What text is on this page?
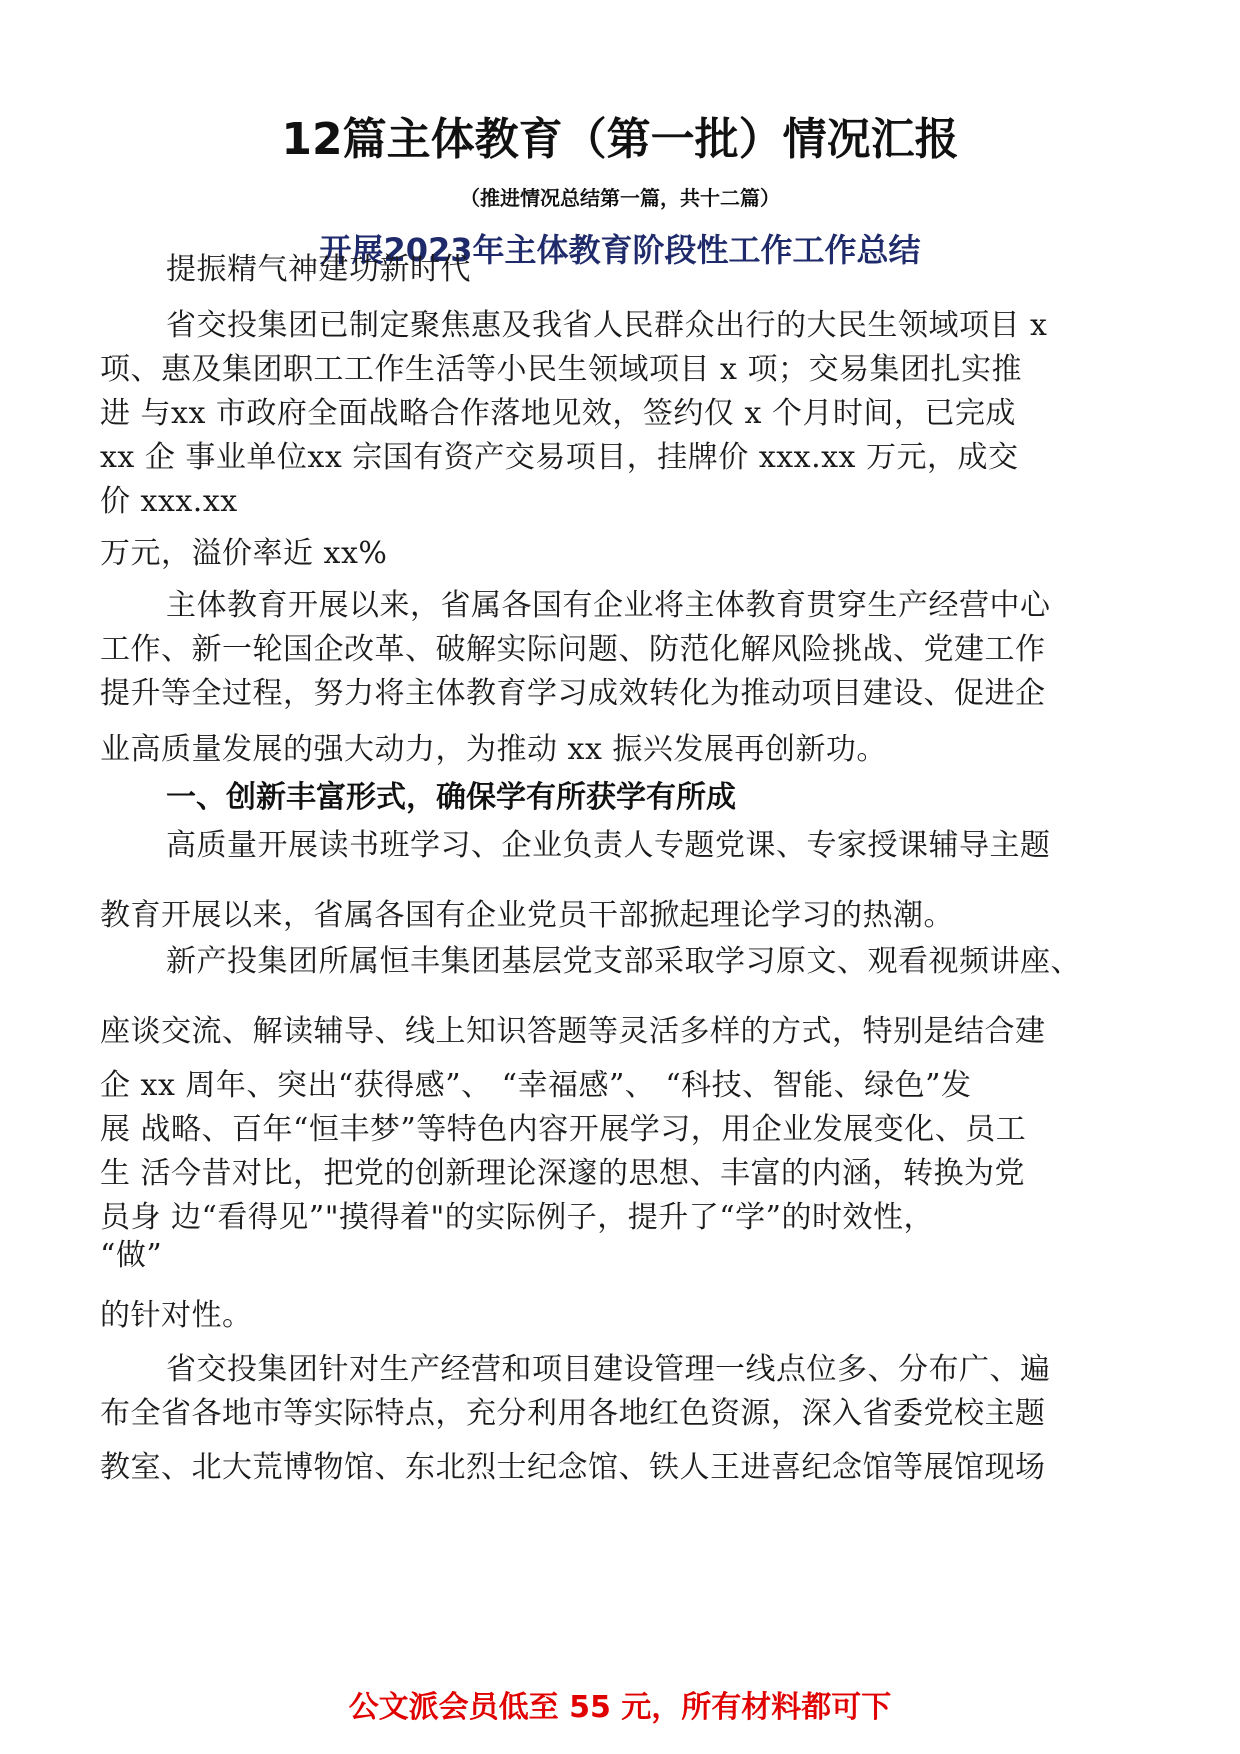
12篇主体教育（第一批）情况汇报
（推进情况总结第一篇，共十二篇）
开展2023年主体教育阶段性工作工作总结
提振精气神建功新时代
省交投集团已制定聚焦惠及我省人民群众出行的大民生领域项目 x
项、惠及集团职工工作生活等小民生领域项目 x 项；交易集团扎实推
进 与xx 市政府全面战略合作落地见效，签约仅 x 个月时间，已完成
xx 企 事业单位xx 宗国有资产交易项目，挂牌价 xxx.xx 万元，成交
价 xxx.xx
万元，溢价率近 xx%
主体教育开展以来，省属各国有企业将主体教育贯穿生产经营中心
工作、新一轮国企改革、破解实际问题、防范化解风险挑战、党建工作
提升等全过程，努力将主体教育学习成效转化为推动项目建设、促进企
业高质量发展的强大动力，为推动 xx 振兴发展再创新功。
一、创新丰富形式，确保学有所获学有所成
高质量开展读书班学习、企业负责人专题党课、专家授课辅导主题
教育开展以来，省属各国有企业党员干部掀起理论学习的热潮。
新产投集团所属恒丰集团基层党支部采取学习原文、观看视频讲座、
座谈交流、解读辅导、线上知识答题等灵活多样的方式，特别是结合建
企 xx 周年、突出“获得感”、 “幸福感”、 “科技、智能、绿色”发
展 战略、百年“恒丰梦”等特色内容开展学习，用企业发展变化、员工
生 活今昔对比，把党的创新理论深邃的思想、丰富的内涵，转换为党
员身 边“看得见”"摸得着"的实际例子，提升了“学”的时效性，
“做”
的针对性。
省交投集团针对生产经营和项目建设管理一线点位多、分布广、遍
布全省各地市等实际特点，充分利用各地红色资源，深入省委党校主题
教室、北大荒博物馆、东北烈士纪念馆、铁人王进喜纪念馆等展馆现场
公文派会员低至 55 元，所有材料都可下
